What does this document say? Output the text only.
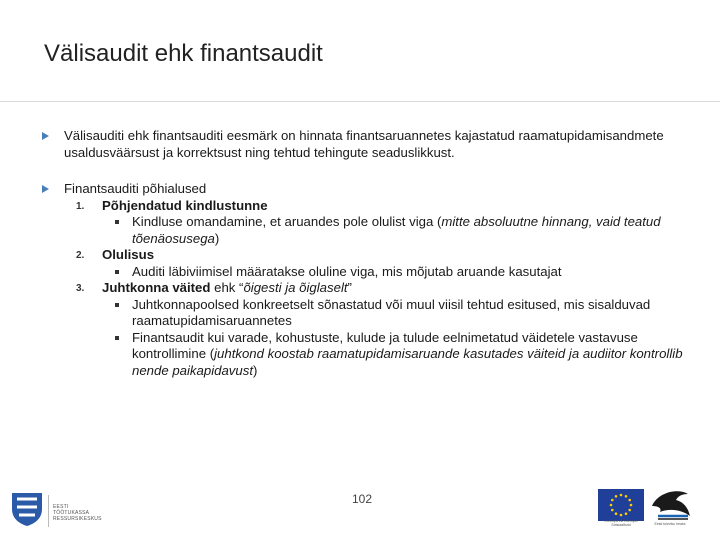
Välisaudit ehk finantsaudit
Välisauditi ehk finantsauditi eesmärk on hinnata finantsaruannetes kajastatud raamatupidamisandmete usaldusväärsust ja korrektsust ning tehtud tehingute seaduslikkust.
Finantsauditi põhialused
1. Põhjendatud kindlustunne
Kindluse omandamine, et aruandes pole olulist viga (mitte absoluutne hinnang, vaid teatud tõenäosusega)
2. Olulisus
Auditi läbiviimisel määratakse oluline viga, mis mõjutab aruande kasutajat
3. Juhtkonna väited ehk “õigesti ja õiglaselt”
Juhtkonnapoolsed konkreetselt sõnastatud või muul viisil tehtud esitused, mis sisalduvad raamatupidamisaruannetes
Finantsaudit kui varade, kohustuste, kulude ja tulude eelnimetatud väidetele vastavuse kontrollimine (juhtkond koostab raamatupidamisaruande kasutades väiteid ja audiitor kontrollib nende paikapidavust)
102
EESTI TÖÖTUKASSA
RESSURSIKESKUS	Euroopa Liit Euroopa Sotsiaalfond	Eesti tuleviku heaks
